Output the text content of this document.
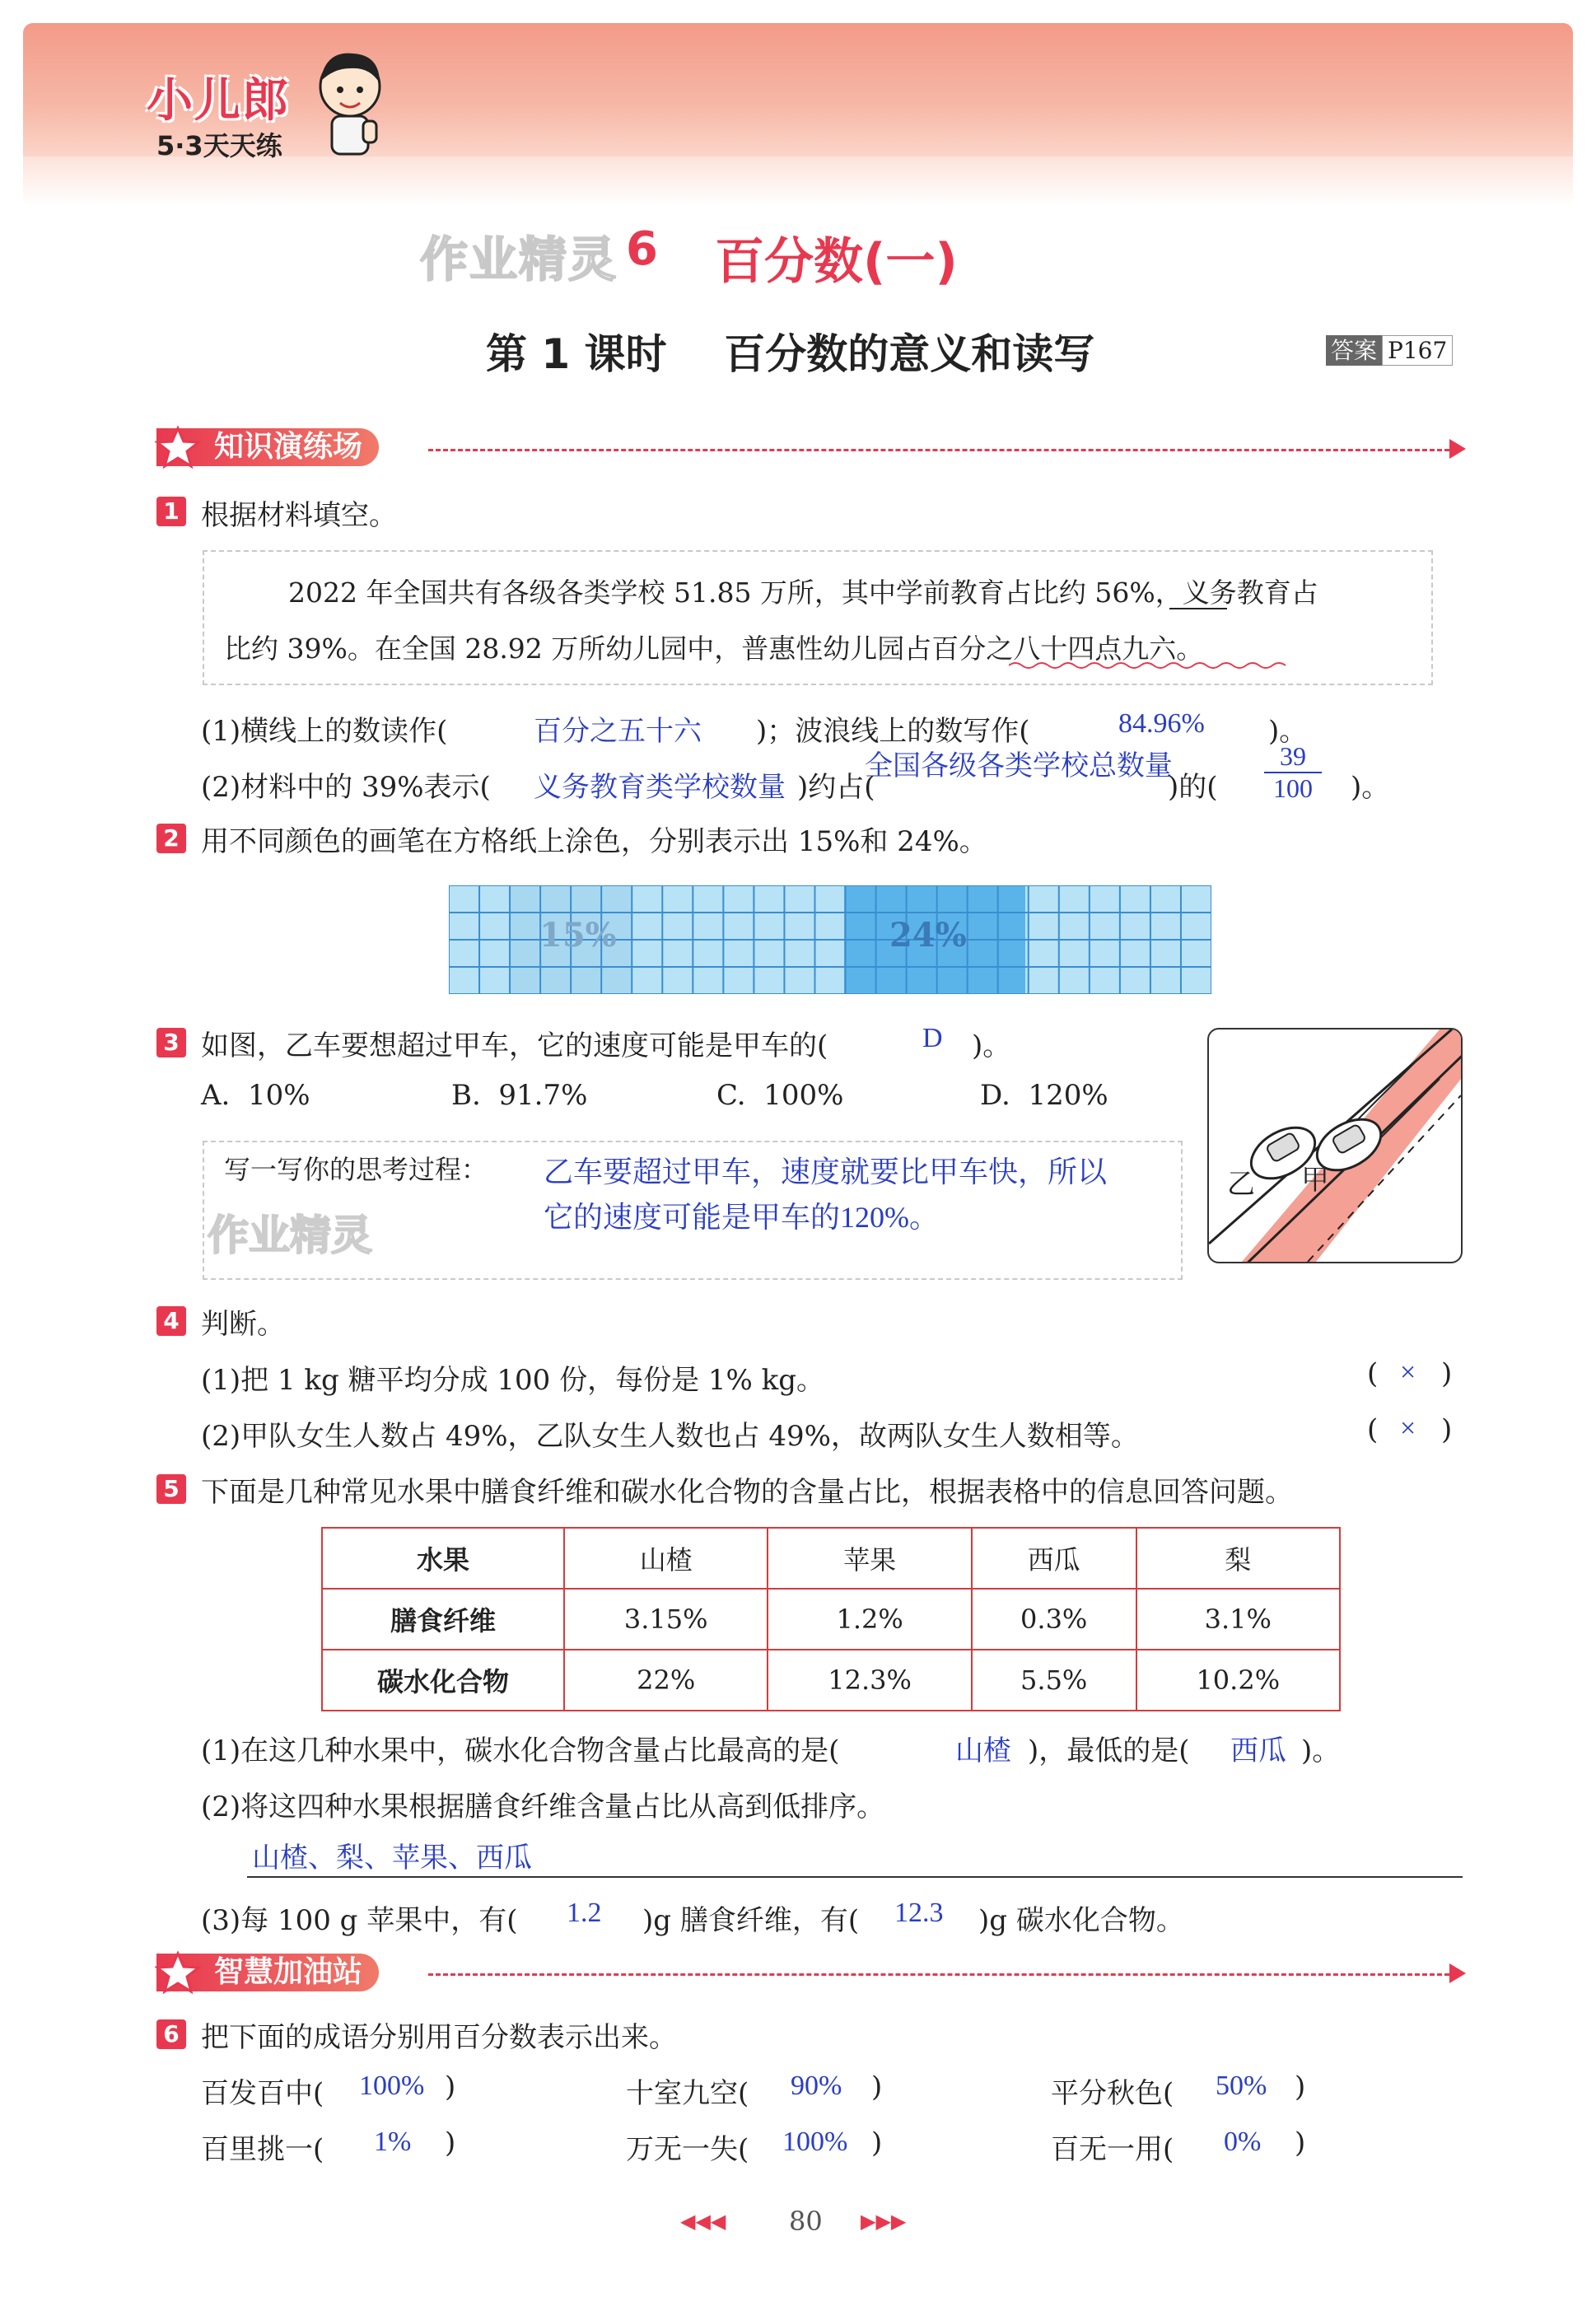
小儿郎
5·3天天练
作业精灵 6 百分数(一)
第 1 课时    百分数的意义和读写	答案 P167
知识演练场
1 根据材料填空。
2022 年全国共有各级各类学校 51.85 万所，其中学前教育占比约 56%，义务教育占
比约 39%。在全国 28.92 万所幼儿园中，普惠性幼儿园占百分之八十四点九六。
(1)横线上的数读作(	百分之五十六 )；波浪线上的数写作(	84.96% )。
(2)材料中的 39%表示( 义务教育类学校数量
全国各级各类学校总数量
)约占(	)的( $\frac{39}{100}$ )。
2 用不同颜色的画笔在方格纸上涂色，分别表示出 15%和 24%。
15%	24%
3 如图，乙车要想超过甲车，它的速度可能是甲车的(	D )。
A.  10%	B.  91.7%	C.  100%	D.  120%
写一写你的思考过程： 乙车要超过甲车，速度就要比甲车快，所以
它的速度可能是甲车的120%。
作业精灵
乙 甲
4 判断。
(1)把 1 kg 糖平均分成 100 份，每份是 1% kg。	( × )
(2)甲队女生人数占 49%，乙队女生人数也占 49%，故两队女生人数相等。	( × )
5 下面是几种常见水果中膳食纤维和碳水化合物的含量占比，根据表格中的信息回答问题。
水果	山楂	苹果	西瓜	梨
膳食纤维	3.15%	1.2%	0.3%	3.1%
碳水化合物	22%	12.3%	5.5%	10.2%
(1)在这几种水果中，碳水化合物含量占比最高的是(	山楂 )，最低的是( 西瓜 )。
(2)将这四种水果根据膳食纤维含量占比从高到低排序。
山楂、梨、苹果、西瓜
(3)每 100 g 苹果中，有( 1.2 )g 膳食纤维，有( 12.3 )g 碳水化合物。
智慧加油站
6 把下面的成语分别用百分数表示出来。
百发百中( 100% )	十室九空( 90% )	平分秋色( 50% )
百里挑一( 1% )	万无一失( 100% )	百无一用( 0% )
◀◀◀ 80 ▶▶▶
